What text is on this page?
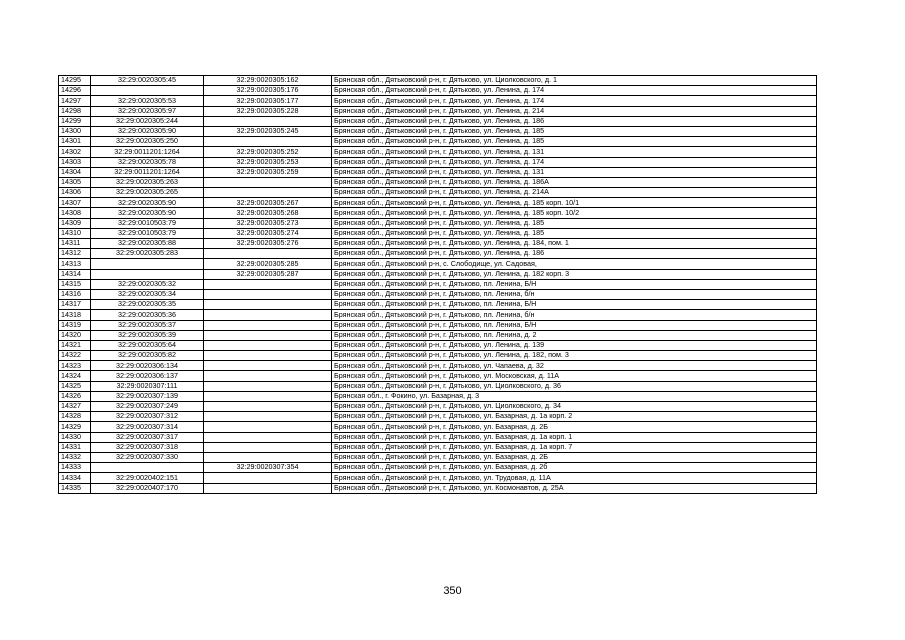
14295	32:29:0020305:45	32:29:0020305:162	Брянская обл., Дятьковский р-н, г. Дятьково, ул. Циолковского, д. 1
14296		32:29:0020305:176	Брянская обл., Дятьковский р-н, г. Дятьково, ул. Ленина, д. 174
14297	32:29:0020305:53	32:29:0020305:177	Брянская обл., Дятьковский р-н, г. Дятьково, ул. Ленина, д. 174
14298	32:29:0020305:97	32:29:0020305:228	Брянская обл., Дятьковский р-н, г. Дятьково, ул. Ленина, д. 214
14299	32:29:0020305:244		Брянская обл., Дятьковский р-н, г. Дятьково, ул. Ленина, д. 186
14300	32:29:0020305:90	32:29:0020305:245	Брянская обл., Дятьковский р-н, г. Дятьково, ул. Ленина, д. 185
14301	32:29:0020305:250		Брянская обл., Дятьковский р-н, г. Дятьково, ул. Ленина, д. 185
14302	32:29:0011201:1264	32:29:0020305:252	Брянская обл., Дятьковский р-н, г. Дятьково, ул. Ленина, д. 131
14303	32:29:0020305:78	32:29:0020305:253	Брянская обл., Дятьковский р-н, г. Дятьково, ул. Ленина, д. 174
14304	32:29:0011201:1264	32:29:0020305:259	Брянская обл., Дятьковский р-н, г. Дятьково, ул. Ленина, д. 131
14305	32:29:0020305:263		Брянская обл., Дятьковский р-н, г. Дятьково, ул. Ленина, д. 186А
14306	32:29:0020305:265		Брянская обл., Дятьковский р-н, г. Дятьково, ул. Ленина, д. 214А
14307	32:29:0020305:90	32:29:0020305:267	Брянская обл., Дятьковский р-н, г. Дятьково, ул. Ленина, д. 185 корп. 10/1
14308	32:29:0020305:90	32:29:0020305:268	Брянская обл., Дятьковский р-н, г. Дятьково, ул. Ленина, д. 185 корп. 10/2
14309	32:29:0010503:79	32:29:0020305:273	Брянская обл., Дятьковский р-н, г. Дятьково, ул. Ленина, д. 185
14310	32:29:0010503:79	32:29:0020305:274	Брянская обл., Дятьковский р-н, г. Дятьково, ул. Ленина, д. 185
14311	32:29:0020305:88	32:29:0020305:276	Брянская обл., Дятьковский р-н, г. Дятьково, ул. Ленина, д. 184, пом. 1
14312	32:29:0020305:283		Брянская обл., Дятьковский р-н, г. Дятьково, ул. Ленина, д. 186
14313		32:29:0020305:285	Брянская обл., Дятьковский р-н, с. Слободище, ул. Садовая,
14314		32:29:0020305:287	Брянская обл., Дятьковский р-н, г. Дятьково, ул. Ленина, д. 182 корп. 3
14315	32:29:0020305:32		Брянская обл., Дятьковский р-н, г. Дятьково, пл. Ленина, Б/Н
14316	32:29:0020305:34		Брянская обл., Дятьковский р-н, г. Дятьково, пл. Ленина, б/н
14317	32:29:0020305:35		Брянская обл., Дятьковский р-н, г. Дятьково, пл. Ленина, Б/Н
14318	32:29:0020305:36		Брянская обл., Дятьковский р-н, г. Дятьково, пл. Ленина, б/н
14319	32:29:0020305:37		Брянская обл., Дятьковский р-н, г. Дятьково, пл. Ленина, Б/Н
14320	32:29:0020305:39		Брянская обл., Дятьковский р-н, г. Дятьково, пл. Ленина, д. 2
14321	32:29:0020305:64		Брянская обл., Дятьковский р-н, г. Дятьково, ул. Ленина, д. 139
14322	32:29:0020305:82		Брянская обл., Дятьковский р-н, г. Дятьково, ул. Ленина, д. 182, пом. 3
14323	32:29:0020306:134		Брянская обл., Дятьковский р-н, г. Дятьково, ул. Чапаева, д. 32
14324	32:29:0020306:137		Брянская обл., Дятьковский р-н, г. Дятьково, ул. Московская, д. 11А
14325	32:29:0020307:111		Брянская обл., Дятьковский р-н, г. Дятьково, ул. Циолковского, д. 36
14326	32:29:0020307:139		Брянская обл., г. Фокино, ул. Базарная, д. 3
14327	32:29:0020307:249		Брянская обл., Дятьковский р-н, г. Дятьково, ул. Циолковского, д. 34
14328	32:29:0020307:312		Брянская обл., Дятьковский р-н, г. Дятьково, ул. Базарная, д. 1а корп. 2
14329	32:29:0020307:314		Брянская обл., Дятьковский р-н, г. Дятьково, ул. Базарная, д. 2Б
14330	32:29:0020307:317		Брянская обл., Дятьковский р-н, г. Дятьково, ул. Базарная, д. 1а корп. 1
14331	32:29:0020307:318		Брянская обл., Дятьковский р-н, г. Дятьково, ул. Базарная, д. 1а корп. 7
14332	32:29:0020307:330		Брянская обл., Дятьковский р-н, г. Дятьково, ул. Базарная, д. 2Б
14333		32:29:0020307:354	Брянская обл., Дятьковский р-н, г. Дятьково, ул. Базарная, д. 2б
14334	32:29:0020402:151		Брянская обл., Дятьковский р-н, г. Дятьково, ул. Трудовая, д. 11А
14335	32:29:0020407:170		Брянская обл., Дятьковский р-н, г. Дятьково, ул. Космонавтов, д. 25А
350
